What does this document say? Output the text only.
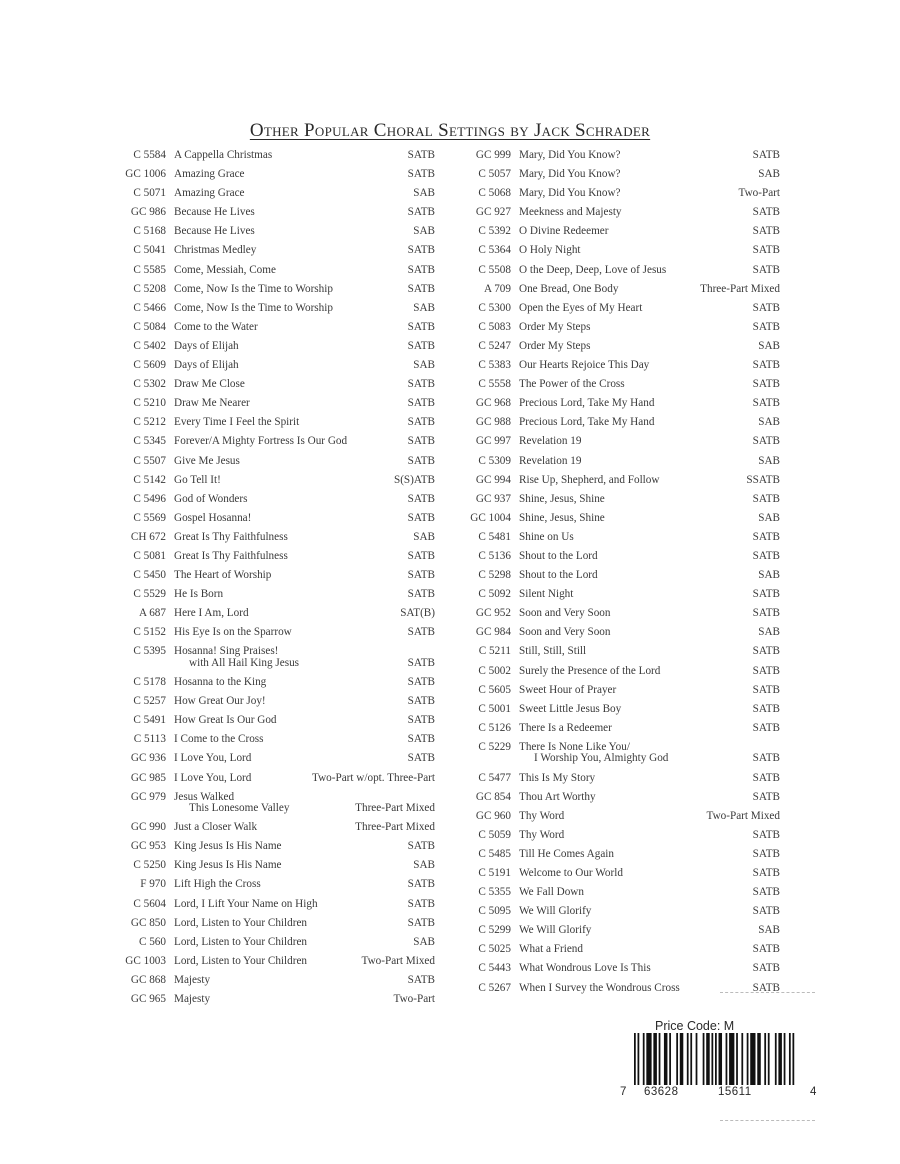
Other Popular Choral Settings by Jack Schrader
C 5584 A Cappella Christmas	SATB
GC 1006 Amazing Grace	SATB
C 5071 Amazing Grace	SAB
GC 986 Because He Lives	SATB
C 5168 Because He Lives	SAB
C 5041 Christmas Medley	SATB
C 5585 Come, Messiah, Come	SATB
C 5208 Come, Now Is the Time to Worship	SATB
C 5466 Come, Now Is the Time to Worship	SAB
C 5084 Come to the Water	SATB
C 5402 Days of Elijah	SATB
C 5609 Days of Elijah	SAB
C 5302 Draw Me Close	SATB
C 5210 Draw Me Nearer	SATB
C 5212 Every Time I Feel the Spirit	SATB
C 5345 Forever/A Mighty Fortress Is Our God	SATB
C 5507 Give Me Jesus	SATB
C 5142 Go Tell It!	S(S)ATB
C 5496 God of Wonders	SATB
C 5569 Gospel Hosanna!	SATB
CH 672 Great Is Thy Faithfulness	SAB
C 5081 Great Is Thy Faithfulness	SATB
C 5450 The Heart of Worship	SATB
C 5529 He Is Born	SATB
A 687 Here I Am, Lord	SAT(B)
C 5152 His Eye Is on the Sparrow	SATB
C 5395 Hosanna! Sing Praises!
with All Hail King Jesus	SATB
C 5178 Hosanna to the King	SATB
C 5257 How Great Our Joy!	SATB
C 5491 How Great Is Our God	SATB
C 5113 I Come to the Cross	SATB
GC 936 I Love You, Lord	SATB
GC 985 I Love You, Lord	Two-Part w/opt. Three-Part
GC 979 Jesus Walked
This Lonesome Valley	Three-Part Mixed
GC 990 Just a Closer Walk	Three-Part Mixed
GC 953 King Jesus Is His Name	SATB
C 5250 King Jesus Is His Name	SAB
F 970 Lift High the Cross	SATB
C 5604 Lord, I Lift Your Name on High	SATB
GC 850 Lord, Listen to Your Children	SATB
C 560 Lord, Listen to Your Children	SAB
GC 1003 Lord, Listen to Your Children	Two-Part Mixed
GC 868 Majesty	SATB
GC 965 Majesty	Two-Part
GC 999 Mary, Did You Know?	SATB
C 5057 Mary, Did You Know?	SAB
C 5068 Mary, Did You Know?	Two-Part
GC 927 Meekness and Majesty	SATB
C 5392 O Divine Redeemer	SATB
C 5364 O Holy Night	SATB
C 5508 O the Deep, Deep, Love of Jesus	SATB
A 709 One Bread, One Body	Three-Part Mixed
C 5300 Open the Eyes of My Heart	SATB
C 5083 Order My Steps	SATB
C 5247 Order My Steps	SAB
C 5383 Our Hearts Rejoice This Day	SATB
C 5558 The Power of the Cross	SATB
GC 968 Precious Lord, Take My Hand	SATB
GC 988 Precious Lord, Take My Hand	SAB
GC 997 Revelation 19	SATB
C 5309 Revelation 19	SAB
GC 994 Rise Up, Shepherd, and Follow	SSATB
GC 937 Shine, Jesus, Shine	SATB
GC 1004 Shine, Jesus, Shine	SAB
C 5481 Shine on Us	SATB
C 5136 Shout to the Lord	SATB
C 5298 Shout to the Lord	SAB
C 5092 Silent Night	SATB
GC 952 Soon and Very Soon	SATB
GC 984 Soon and Very Soon	SAB
C 5211 Still, Still, Still	SATB
C 5002 Surely the Presence of the Lord	SATB
C 5605 Sweet Hour of Prayer	SATB
C 5001 Sweet Little Jesus Boy	SATB
C 5126 There Is a Redeemer	SATB
C 5229 There Is None Like You/
I Worship You, Almighty God	SATB
C 5477 This Is My Story	SATB
GC 854 Thou Art Worthy	SATB
GC 960 Thy Word	Two-Part Mixed
C 5059 Thy Word	SATB
C 5485 Till He Comes Again	SATB
C 5191 Welcome to Our World	SATB
C 5355 We Fall Down	SATB
C 5095 We Will Glorify	SATB
C 5299 We Will Glorify	SAB
C 5025 What a Friend	SATB
C 5443 What Wondrous Love Is This	SATB
C 5267 When I Survey the Wondrous Cross	SATB
Price Code: M
7 63628	15611	4
